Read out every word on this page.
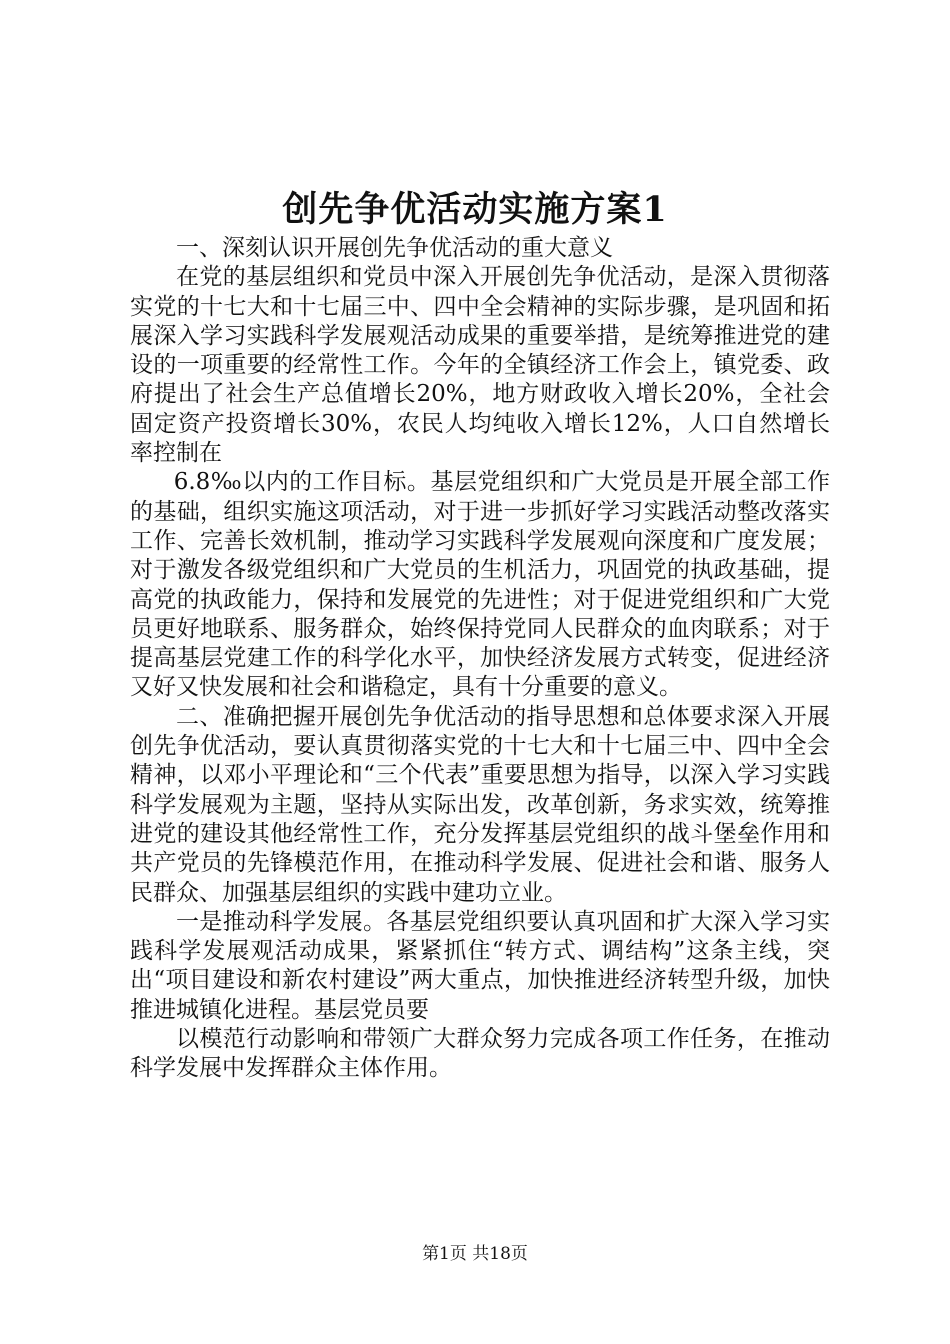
创先争优活动实施方案1

一、深刻认识开展创先争优活动的重大意义

在党的基层组织和党员中深入开展创先争优活动，是深入贯彻落实党的十七大和十七届三中、四中全会精神的实际步骤，是巩固和拓展深入学习实践科学发展观活动成果的重要举措，是统筹推进党的建设的一项重要的经常性工作。今年的全镇经济工作会上，镇党委、政府提出了社会生产总值增长20%，地方财政收入增长20%，全社会固定资产投资增长30%，农民人均纯收入增长12%，人口自然增长率控制在

6.8‰以内的工作目标。基层党组织和广大党员是开展全部工作的基础，组织实施这项活动，对于进一步抓好学习实践活动整改落实工作、完善长效机制，推动学习实践科学发展观向深度和广度发展；对于激发各级党组织和广大党员的生机活力，巩固党的执政基础，提高党的执政能力，保持和发展党的先进性；对于促进党组织和广大党员更好地联系、服务群众，始终保持党同人民群众的血肉联系；对于提高基层党建工作的科学化水平，加快经济发展方式转变，促进经济又好又快发展和社会和谐稳定，具有十分重要的意义。

二、准确把握开展创先争优活动的指导思想和总体要求深入开展创先争优活动，要认真贯彻落实党的十七大和十七届三中、四中全会精神，以邓小平理论和“三个代表”重要思想为指导，以深入学习实践科学发展观为主题，坚持从实际出发，改革创新，务求实效，统筹推进党的建设其他经常性工作，充分发挥基层党组织的战斗堡垒作用和共产党员的先锋模范作用，在推动科学发展、促进社会和谐、服务人民群众、加强基层组织的实践中建功立业。

一是推动科学发展。各基层党组织要认真巩固和扩大深入学习实践科学发展观活动成果，紧紧抓住“转方式、调结构”这条主线，突出“项目建设和新农村建设”两大重点，加快推进经济转型升级，加快推进城镇化进程。基层党员要

以模范行动影响和带领广大群众努力完成各项工作任务，在推动科学发展中发挥群众主体作用。

第1页 共18页
